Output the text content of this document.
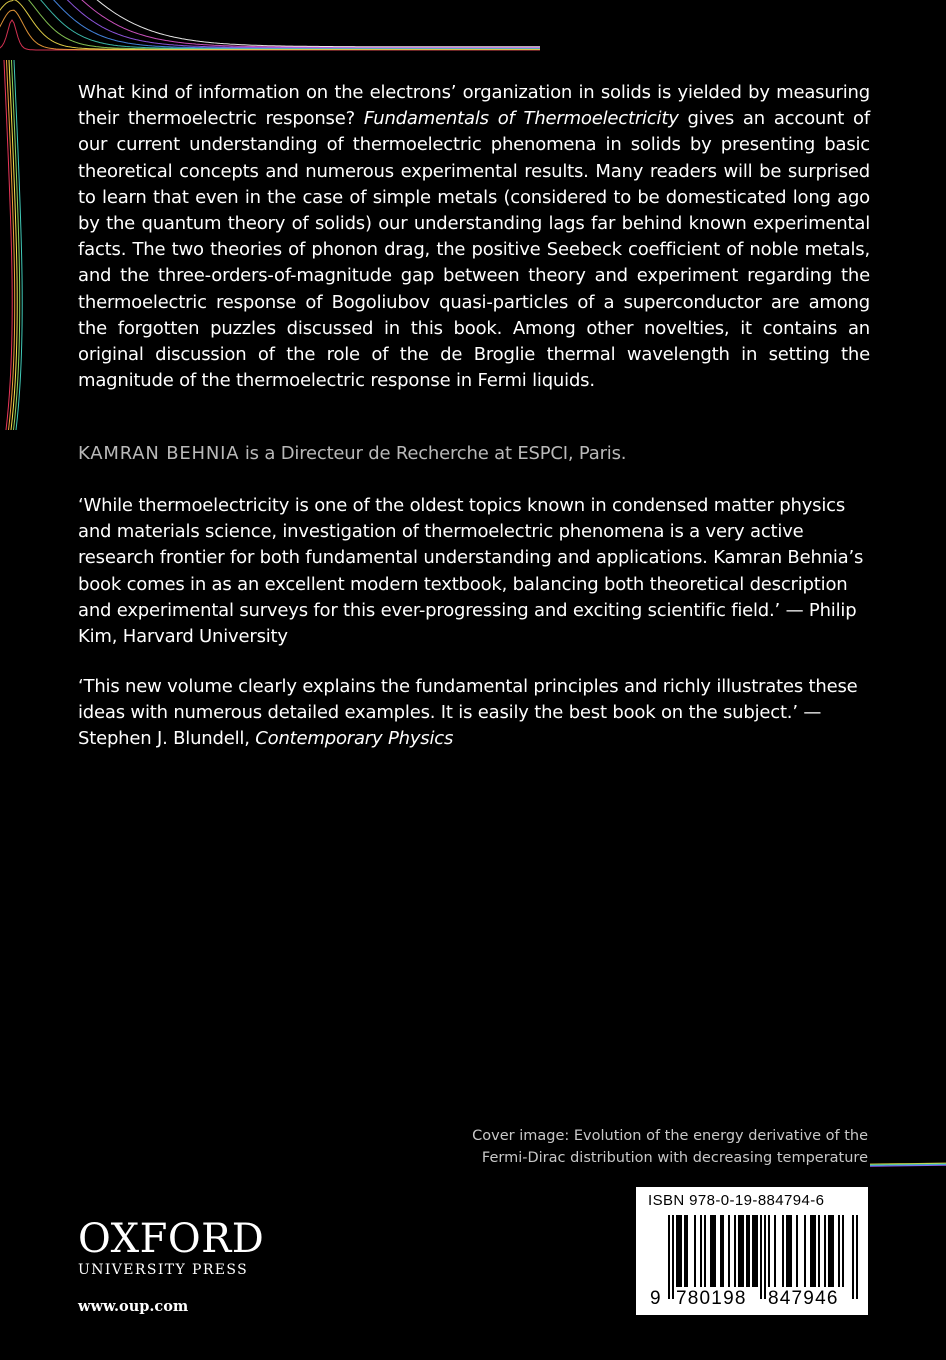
What kind of information on the electrons’ organization in solids is yielded by measuring their thermoelectric response? Fundamentals of Thermoelectricity gives an account of our current understanding of thermoelectric phenomena in solids by presenting basic theoretical concepts and numerous experimental results. Many readers will be surprised to learn that even in the case of simple metals (considered to be domesticated long ago by the quantum theory of solids) our understanding lags far behind known experimental facts. The two theories of phonon drag, the positive Seebeck coefficient of noble metals, and the three-orders-of-magnitude gap between theory and experiment regarding the thermoelectric response of Bogoliubov quasi-particles of a superconductor are among the forgotten puzzles discussed in this book. Among other novelties, it contains an original discussion of the role of the de Broglie thermal wavelength in setting the magnitude of the thermoelectric response in Fermi liquids.

KAMRAN BEHNIA is a Directeur de Recherche at ESPCI, Paris.

‘While thermoelectricity is one of the oldest topics known in condensed matter physics and materials science, investigation of thermoelectric phenomena is a very active research frontier for both fundamental understanding and applications. Kamran Behnia’s book comes in as an excellent modern textbook, balancing both theoretical description and experimental surveys for this ever-progressing and exciting scientific field.’ — Philip Kim, Harvard University

‘This new volume clearly explains the fundamental principles and richly illustrates these ideas with numerous detailed examples. It is easily the best book on the subject.’ — Stephen J. Blundell, Contemporary Physics

Cover image: Evolution of the energy derivative of the
Fermi-Dirac distribution with decreasing temperature
OXFORD
UNIVERSITY PRESS
www.oup.com
ISBN 978-0-19-884794-6
9 780198 847946
